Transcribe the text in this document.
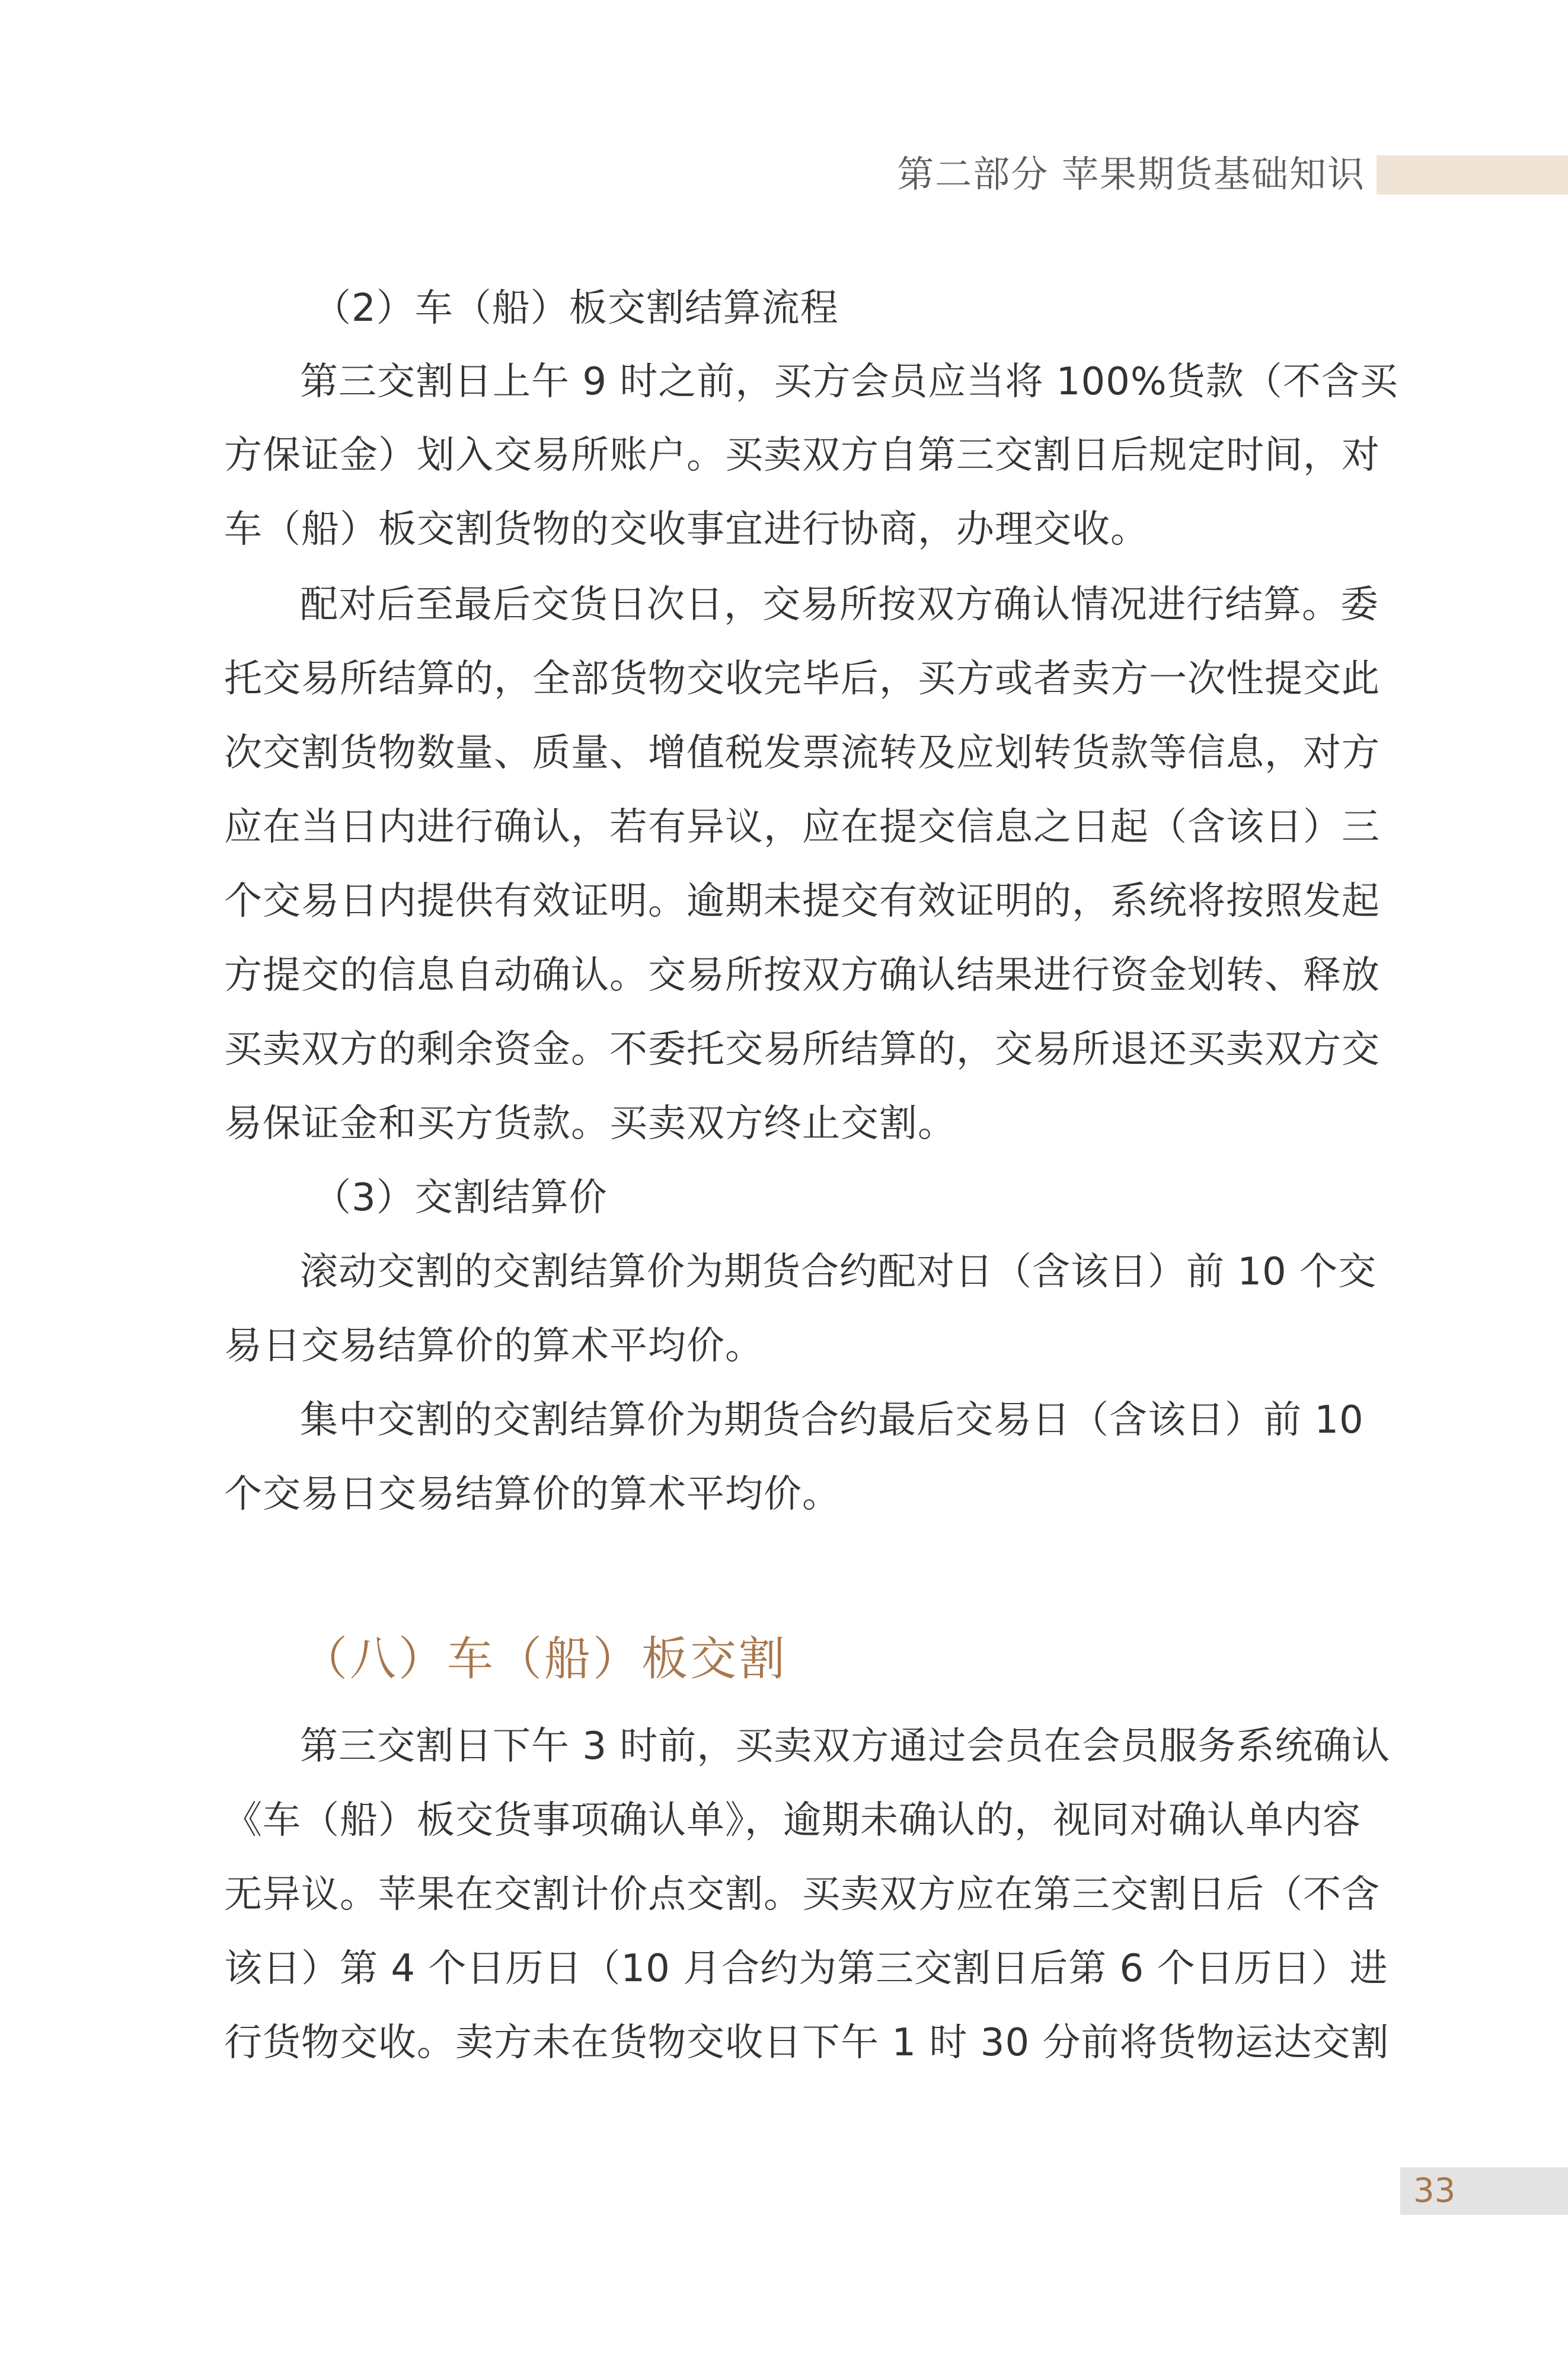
第二部分 苹果期货基础知识
（2）车（船）板交割结算流程
第三交割日上午 9 时之前，买方会员应当将 100%货款（不含买
方保证金）划入交易所账户。买卖双方自第三交割日后规定时间，对
车（船）板交割货物的交收事宜进行协商，办理交收。
配对后至最后交货日次日，交易所按双方确认情况进行结算。委
托交易所结算的，全部货物交收完毕后，买方或者卖方一次性提交此
次交割货物数量、质量、增值税发票流转及应划转货款等信息，对方
应在当日内进行确认，若有异议，应在提交信息之日起（含该日）三
个交易日内提供有效证明。逾期未提交有效证明的，系统将按照发起
方提交的信息自动确认。交易所按双方确认结果进行资金划转、释放
买卖双方的剩余资金。不委托交易所结算的，交易所退还买卖双方交
易保证金和买方货款。买卖双方终止交割。
（3）交割结算价
滚动交割的交割结算价为期货合约配对日（含该日）前 10 个交
易日交易结算价的算术平均价。
集中交割的交割结算价为期货合约最后交易日（含该日）前 10
个交易日交易结算价的算术平均价。
（八）车（船）板交割
第三交割日下午 3 时前，买卖双方通过会员在会员服务系统确认
《车（船）板交货事项确认单》，逾期未确认的，视同对确认单内容
无异议。苹果在交割计价点交割。买卖双方应在第三交割日后（不含
该日）第 4 个日历日（10 月合约为第三交割日后第 6 个日历日）进
行货物交收。卖方未在货物交收日下午 1 时 30 分前将货物运达交割
33
